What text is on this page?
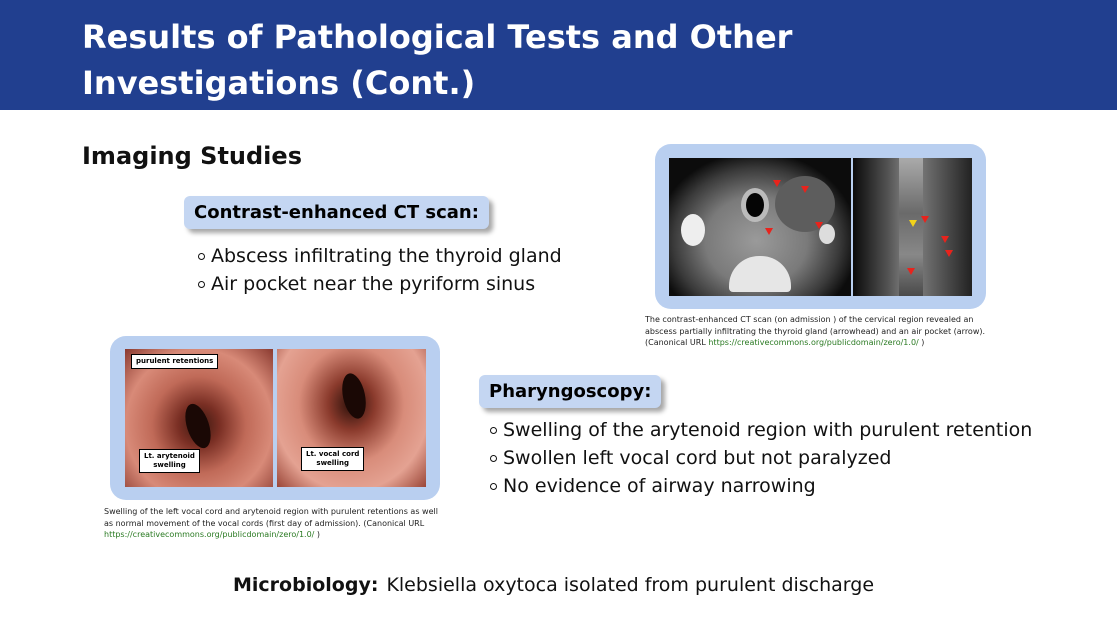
Results of Pathological Tests and Other Investigations (Cont.)
Imaging Studies
Contrast-enhanced CT scan:
Abscess infiltrating the thyroid gland
Air pocket near the pyriform sinus
The contrast-enhanced CT scan (on admission ) of the cervical region revealed an abscess partially infiltrating the thyroid gland (arrowhead) and an air pocket (arrow). (Canonical URL https://creativecommons.org/publicdomain/zero/1.0/ )
purulent retentions
Lt. arytenoid
swelling
Lt. vocal cord
swelling
Swelling of the left vocal cord and arytenoid region with purulent retentions as well as normal movement of the vocal cords (first day of admission). (Canonical URL https://creativecommons.org/publicdomain/zero/1.0/ )
Pharyngoscopy:
Swelling of the arytenoid region with purulent retention
Swollen left vocal cord but not paralyzed
No evidence of airway narrowing
Microbiology: Klebsiella oxytoca isolated from purulent discharge
